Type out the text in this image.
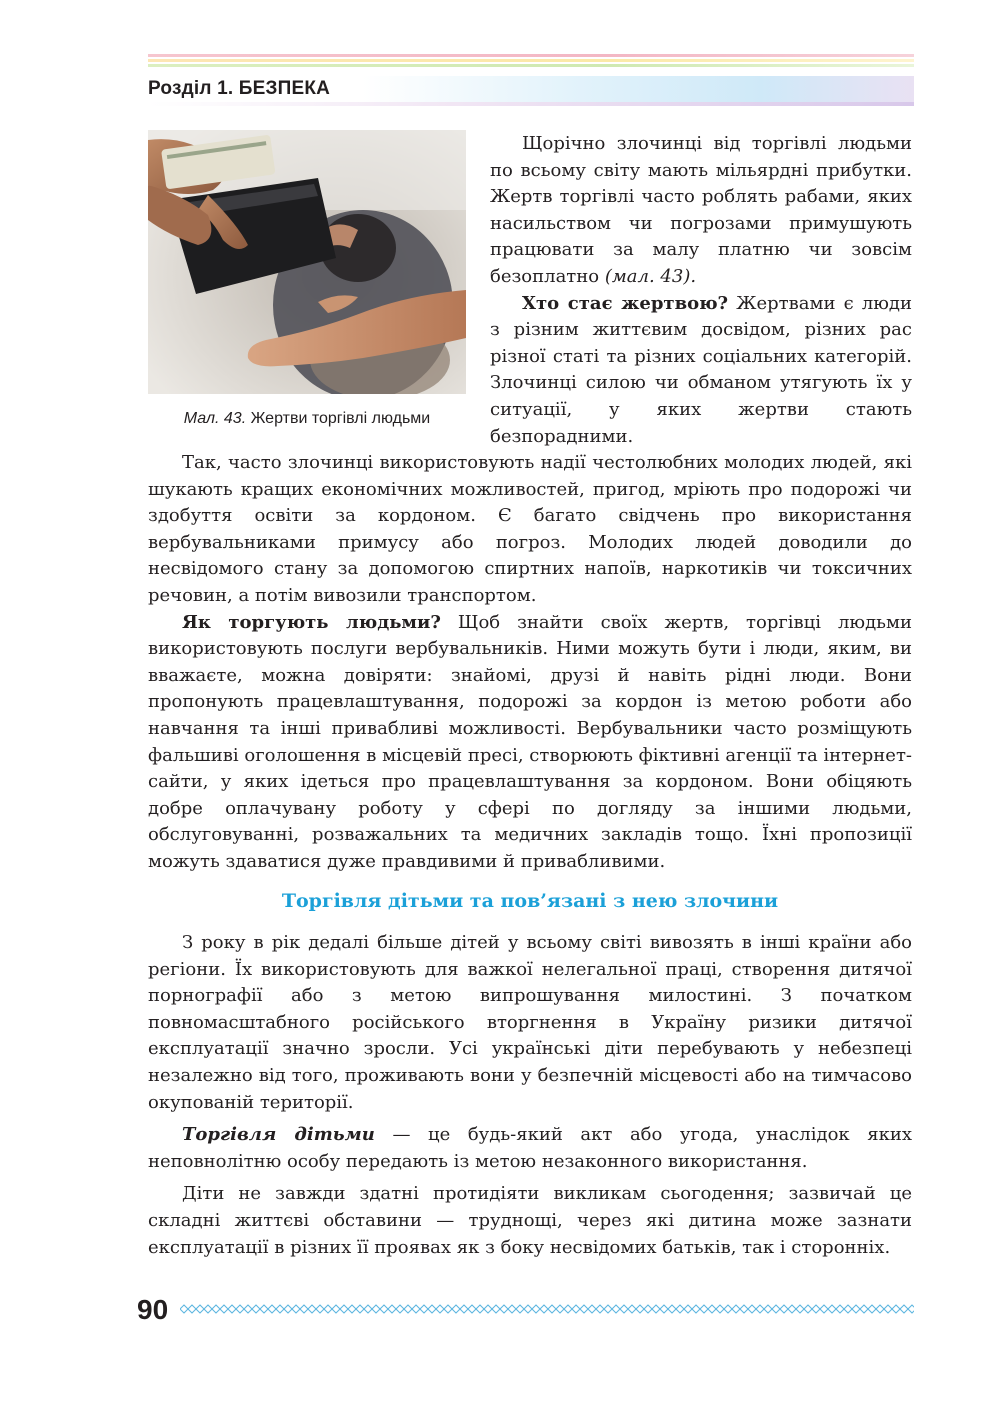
Розділ 1. БЕЗПЕКА
Мал. 43. Жертви торгівлі людьми

Щорічно злочинці від торгівлі людьми по всьому світу мають мільярдні прибутки. Жертв торгівлі часто роблять рабами, яких насильством чи погрозами примушують працювати за малу платню чи зовсім безоплатно (мал. 43).

Хто стає жертвою? Жертвами є люди з різним життєвим досвідом, різних рас різної статі та різних соціальних категорій. Злочинці силою чи обманом утягують їх у ситуації, у яких жертви стають безпорадними.

Так, часто злочинці використовують надії честолюбних молодих людей, які шукають кращих економічних можливостей, пригод, мріють про подорожі чи здобуття освіти за кордоном. Є багато свідчень про використання вербувальниками примусу або погроз. Молодих людей доводили до несвідомого стану за допомогою спиртних напоїв, наркотиків чи токсичних речовин, а потім вивозили транспортом.

Як торгують людьми? Щоб знайти своїх жертв, торгівці людьми використовують послуги вербувальників. Ними можуть бути і люди, яким, ви вважаєте, можна довіряти: знайомі, друзі й навіть рідні люди. Вони пропонують працевлаштування, подорожі за кордон із метою роботи або навчання та інші привабливі можливості. Вербувальники часто розміщують фальшиві оголошення в місцевій пресі, створюють фіктивні агенції та інтернет-сайти, у яких ідеться про працевлаштування за кордоном. Вони обіцяють добре оплачувану роботу у сфері по догляду за іншими людьми, обслуговуванні, розважальних та медичних закладів тощо. Їхні пропозиції можуть здаватися дуже правдивими й привабливими.

Торгівля дітьми та пов’язані з нею злочини

З року в рік дедалі більше дітей у всьому світі вивозять в інші країни або регіони. Їх використовують для важкої нелегальної праці, створення дитячої порнографії або з метою випрошування милостині. З початком повномасштабного російського вторгнення в Україну ризики дитячої експлуатації значно зросли. Усі українські діти перебувають у небезпеці незалежно від того, проживають вони у безпечній місцевості або на тимчасово окупованій території.

Торгівля дітьми — це будь-який акт або угода, унаслідок яких неповнолітню особу передають із метою незаконного використання.

Діти не завжди здатні протидіяти викликам сьогодення; зазвичай це складні життєві обставини — труднощі, через які дитина може зазнати експлуатації в різних її проявах як з боку несвідомих батьків, так і сторонніх.

90
